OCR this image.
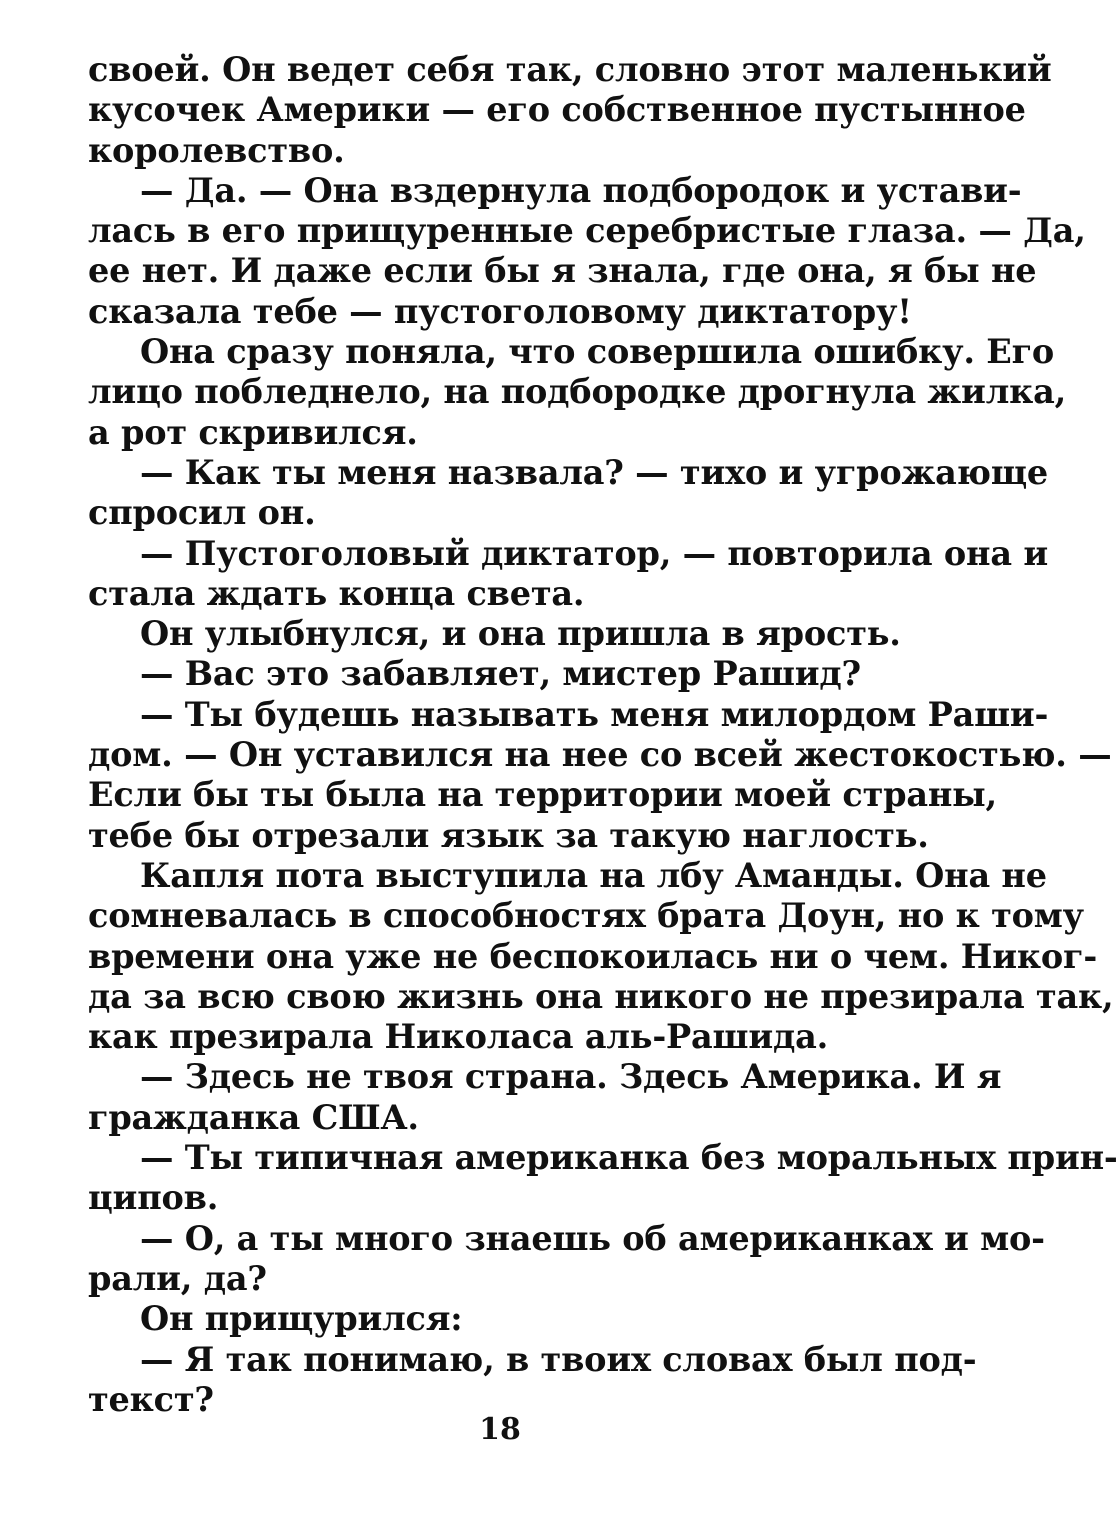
своей. Он ведет себя так, словно этот маленький
кусочек Америки — его собственное пустынное
королевство.
— Да. — Она вздернула подбородок и устави-
лась в его прищуренные серебристые глаза. — Да,
ее нет. И даже если бы я знала, где она, я бы не
сказала тебе — пустоголовому диктатору!
Она сразу поняла, что совершила ошибку. Его
лицо побледнело, на подбородке дрогнула жилка,
а рот скривился.
— Как ты меня назвала? — тихо и угрожающе
спросил он.
— Пустоголовый диктатор, — повторила она и
стала ждать конца света.
Он улыбнулся, и она пришла в ярость.
— Вас это забавляет, мистер Рашид?
— Ты будешь называть меня милордом Раши-
дом. — Он уставился на нее со всей жестокостью. —
Если бы ты была на территории моей страны,
тебе бы отрезали язык за такую наглость.
Капля пота выступила на лбу Аманды. Она не
сомневалась в способностях брата Доун, но к тому
времени она уже не беспокоилась ни о чем. Никог-
да за всю свою жизнь она никого не презирала так,
как презирала Николаса аль-Рашида.
— Здесь не твоя страна. Здесь Америка. И я
гражданка США.
— Ты типичная американка без моральных прин-
ципов.
— О, а ты много знаешь об американках и мо-
рали, да?
Он прищурился:
— Я так понимаю, в твоих словах был под-
текст?
18
